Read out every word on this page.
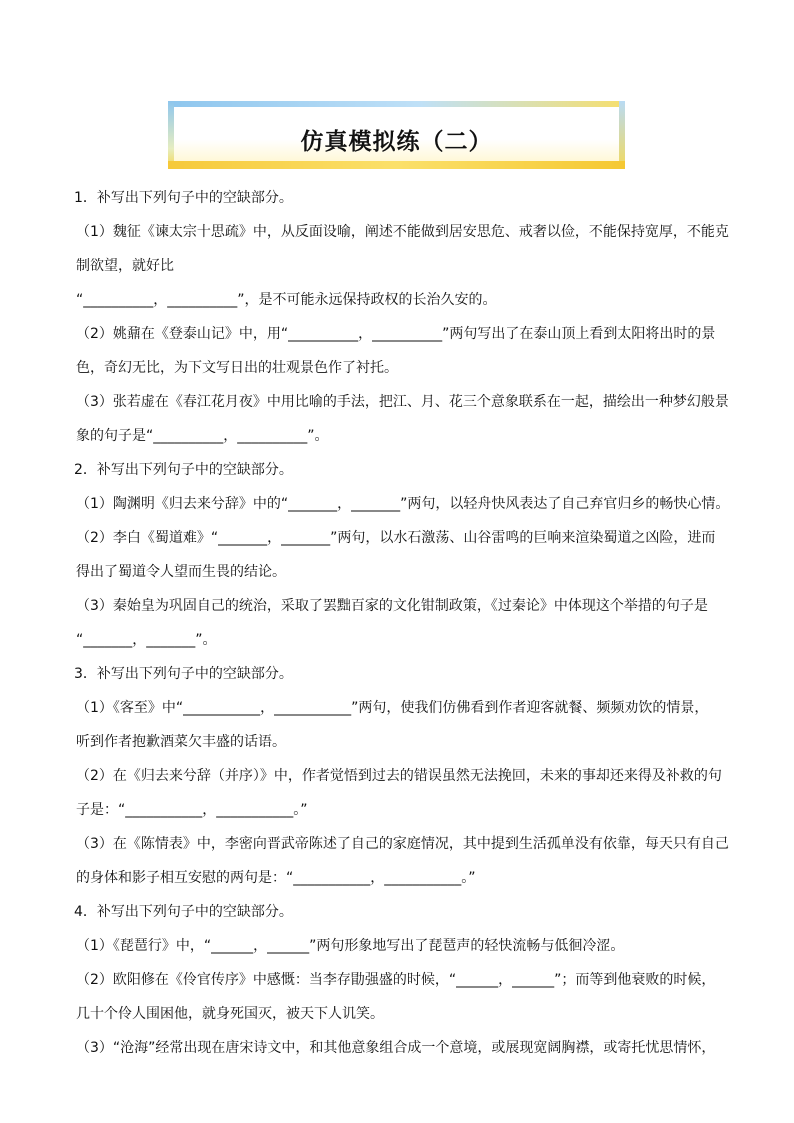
仿真模拟练（二）
1．补写出下列句子中的空缺部分。
（1）魏征《谏太宗十思疏》中，从反面设喻，阐述不能做到居安思危、戒奢以俭，不能保持宽厚，不能克
制欲望，就好比
“__________，__________”，是不可能永远保持政权的长治久安的。
（2）姚鼐在《登泰山记》中，用“__________，__________”两句写出了在泰山顶上看到太阳将出时的景
色，奇幻无比，为下文写日出的壮观景色作了衬托。
（3）张若虚在《春江花月夜》中用比喻的手法，把江、月、花三个意象联系在一起，描绘出一种梦幻般景
象的句子是“__________，__________”。
2．补写出下列句子中的空缺部分。
（1）陶渊明《归去来兮辞》中的“_______，_______”两句，以轻舟快风表达了自己弃官归乡的畅快心情。
（2）李白《蜀道难》“_______，_______”两句，以水石激荡、山谷雷鸣的巨响来渲染蜀道之凶险，进而
得出了蜀道令人望而生畏的结论。
（3）秦始皇为巩固自己的统治，采取了罢黜百家的文化钳制政策，《过秦论》中体现这个举措的句子是
“_______，_______”。
3．补写出下列句子中的空缺部分。
（1）《客至》中“___________，___________”两句，使我们仿佛看到作者迎客就餐、频频劝饮的情景，
听到作者抱歉酒菜欠丰盛的话语。
（2）在《归去来兮辞（并序）》中，作者觉悟到过去的错误虽然无法挽回，未来的事却还来得及补救的句
子是：“___________，___________。”
（3）在《陈情表》中，李密向晋武帝陈述了自己的家庭情况，其中提到生活孤单没有依靠，每天只有自己
的身体和影子相互安慰的两句是：“___________，___________。”
4．补写出下列句子中的空缺部分。
（1）《琵琶行》中，“______，______”两句形象地写出了琵琶声的轻快流畅与低徊冷涩。
（2）欧阳修在《伶官传序》中感慨：当李存勖强盛的时候，“______，______”；而等到他衰败的时候，
几十个伶人围困他，就身死国灭，被天下人讥笑。
（3）“沧海”经常出现在唐宋诗文中，和其他意象组合成一个意境，或展现宽阔胸襟，或寄托忧思情怀，
